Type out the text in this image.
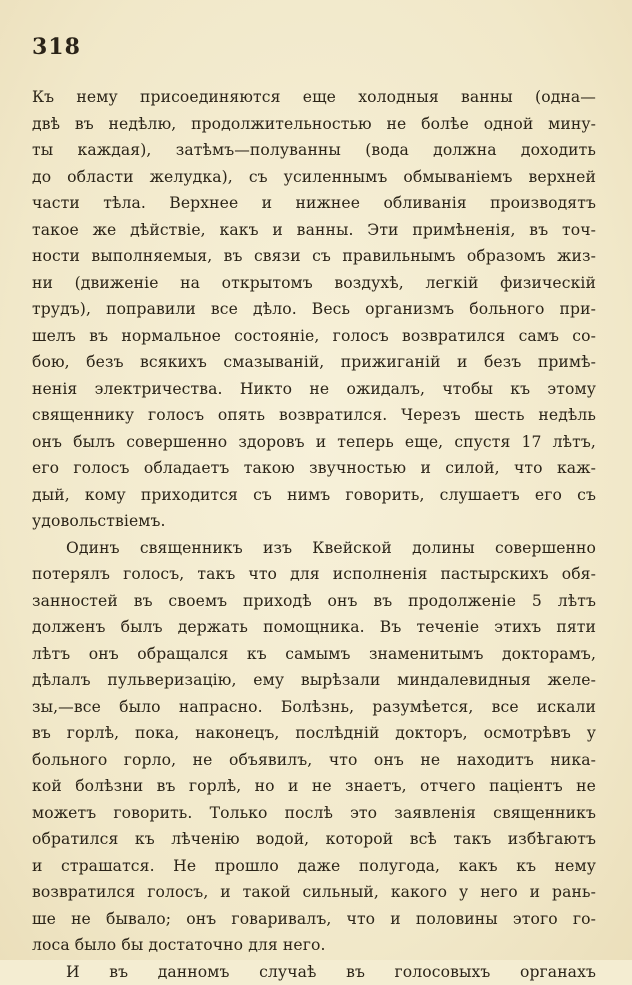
318
Къ нему присоединяются еще холодныя ванны (одна—
двѣ въ недѣлю, продолжительностью не болѣе одной мину-
ты каждая), затѣмъ—полуванны (вода должна доходить
до области желудка), съ усиленнымъ обмываніемъ верхней
части тѣла. Верхнее и нижнее обливанія производятъ
такое же дѣйствіе, какъ и ванны. Эти примѣненія, въ точ-
ности выполняемыя, въ связи съ правильнымъ образомъ жиз-
ни (движеніе на открытомъ воздухѣ, легкій физическій
трудъ), поправили все дѣло. Весь организмъ больного при-
шелъ въ нормальное состояніе, голосъ возвратился самъ со-
бою, безъ всякихъ смазываній, прижиганій и безъ примѣ-
ненія электричества. Никто не ожидалъ, чтобы къ этому
священнику голосъ опять возвратился. Черезъ шесть недѣль
онъ былъ совершенно здоровъ и теперь еще, спустя 17 лѣтъ,
его голосъ обладаетъ такою звучностью и силой, что каж-
дый, кому приходится съ нимъ говорить, слушаетъ его съ
удовольствіемъ.
Одинъ священникъ изъ Квейской долины совершенно
потерялъ голосъ, такъ что для исполненія пастырскихъ обя-
занностей въ своемъ приходѣ онъ въ продолженіе 5 лѣтъ
долженъ былъ держать помощника. Въ теченіе этихъ пяти
лѣтъ онъ обращался къ самымъ знаменитымъ докторамъ,
дѣлалъ пульверизацію, ему вырѣзали миндалевидныя желе-
зы,—все было напрасно. Болѣзнь, разумѣется, все искали
въ горлѣ, пока, наконецъ, послѣдній докторъ, осмотрѣвъ у
больного горло, не объявилъ, что онъ не находитъ ника-
кой болѣзни въ горлѣ, но и не знаетъ, отчего паціентъ не
можетъ говорить. Только послѣ это заявленія священникъ
обратился къ лѣченію водой, которой всѣ такъ избѣгаютъ
и страшатся. Не прошло даже полугода, какъ къ нему
возвратился голосъ, и такой сильный, какого у него и рань-
ше не бывало; онъ говаривалъ, что и половины этого го-
лоса было бы достаточно для него.
И въ данномъ случаѣ въ голосовыхъ органахъ
